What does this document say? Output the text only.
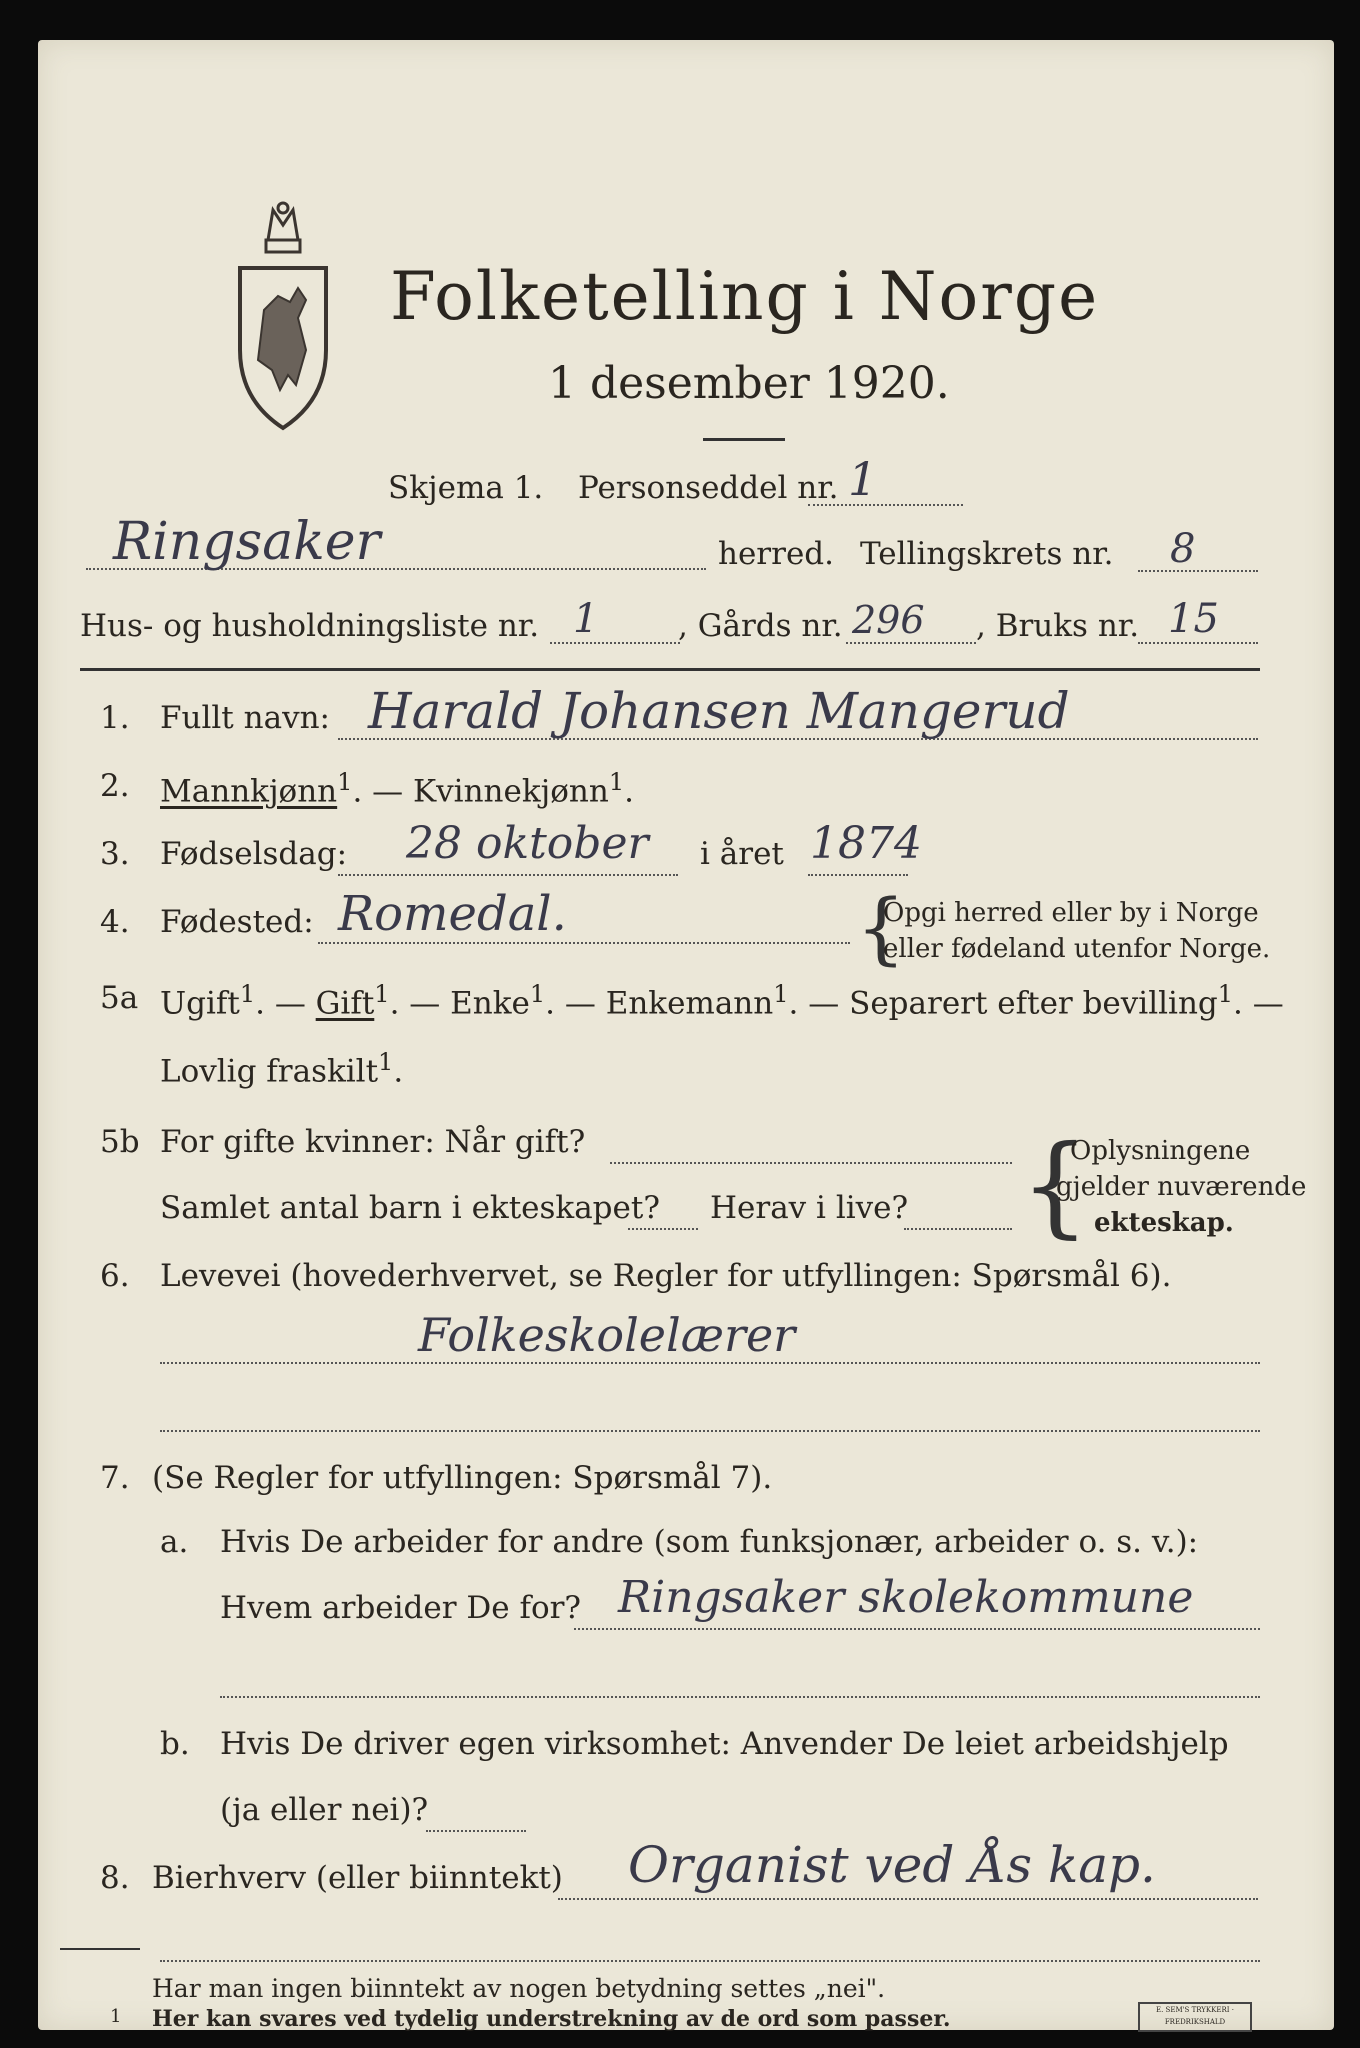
Folketelling i Norge
1 desember 1920.
Skjema 1. Personseddel nr. 1
Ringsaker	herred. Tellingskrets nr. 8
Hus- og husholdningsliste nr. 1	, Gårds nr. 296 , Bruks nr. 15
1. Fullt navn: Harald Johansen Mangerud
2. Mannkjønn$^1$. — Kvinnekjønn$^1$.
3. Fødselsdag: 28 oktober i året 1874
4. Fødested: Romedal.	{
Opgi herred eller by i Norge
eller fødeland utenfor Norge.
5a Ugift$^1$. — Gift$^1$. — Enke$^1$. — Enkemann$^1$. — Separert efter bevilling$^1$. —
Lovlig fraskilt$^1$.
5b For gifte kvinner: Når gift?
Samlet antal barn i ekteskapet? Herav i live? {
Oplysningene
gjelder nuværende
ekteskap.
6. Levevei (hovederhvervet, se Regler for utfyllingen: Spørsmål 6).
Folkeskolelærer
7. (Se Regler for utfyllingen: Spørsmål 7).
a. Hvis De arbeider for andre (som funksjonær, arbeider o. s. v.):
Hvem arbeider De for? Ringsaker skolekommune
b. Hvis De driver egen virksomhet: Anvender De leiet arbeidshjelp
(ja eller nei)?
8. Bierhverv (eller biinntekt) Organist ved Ås kap.
Har man ingen biinntekt av nogen betydning settes „nei".
1 Her kan svares ved tydelig understrekning av de ord som passer.	E. SEM'S TRYKKERI · FREDRIKSHALD
